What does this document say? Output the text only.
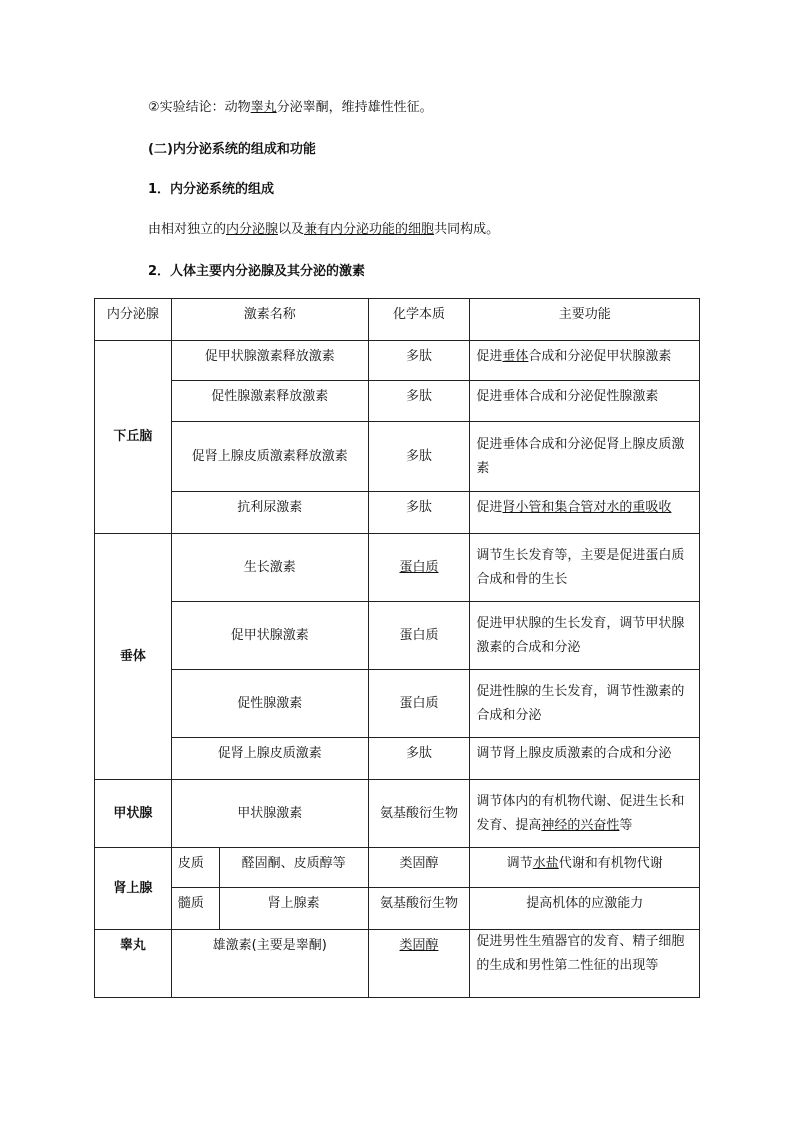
②实验结论：动物睾丸分泌睾酮，维持雄性性征。
(二)内分泌系统的组成和功能
1．内分泌系统的组成
由相对独立的内分泌腺以及兼有内分泌功能的细胞共同构成。
2．人体主要内分泌腺及其分泌的激素
内分泌腺	激素名称		化学本质	主要功能
下丘脑	促甲状腺激素释放激素		多肽	促进垂体合成和分泌促甲状腺激素
	促性腺激素释放激素		多肽	促进垂体合成和分泌促性腺激素
	促肾上腺皮质激素释放激素		多肽	促进垂体合成和分泌促肾上腺皮质激素
	抗利尿激素		多肽	促进肾小管和集合管对水的重吸收
垂体	生长激素		蛋白质	调节生长发育等，主要是促进蛋白质合成和骨的生长
	促甲状腺激素		蛋白质	促进甲状腺的生长发育，调节甲状腺激素的合成和分泌
	促性腺激素		蛋白质	促进性腺的生长发育，调节性激素的合成和分泌
	促肾上腺皮质激素		多肽	调节肾上腺皮质激素的合成和分泌
甲状腺	甲状腺激素		氨基酸衍生物	调节体内的有机物代谢、促进生长和发育、提高神经的兴奋性等
肾上腺	皮质	醛固酮、皮质醇等	类固醇	调节水盐代谢和有机物代谢
	髓质	肾上腺素	氨基酸衍生物	提高机体的应激能力
睾丸	雄激素(主要是睾酮)		类固醇	促进男性生殖器官的发育、精子细胞的生成和男性第二性征的出现等
